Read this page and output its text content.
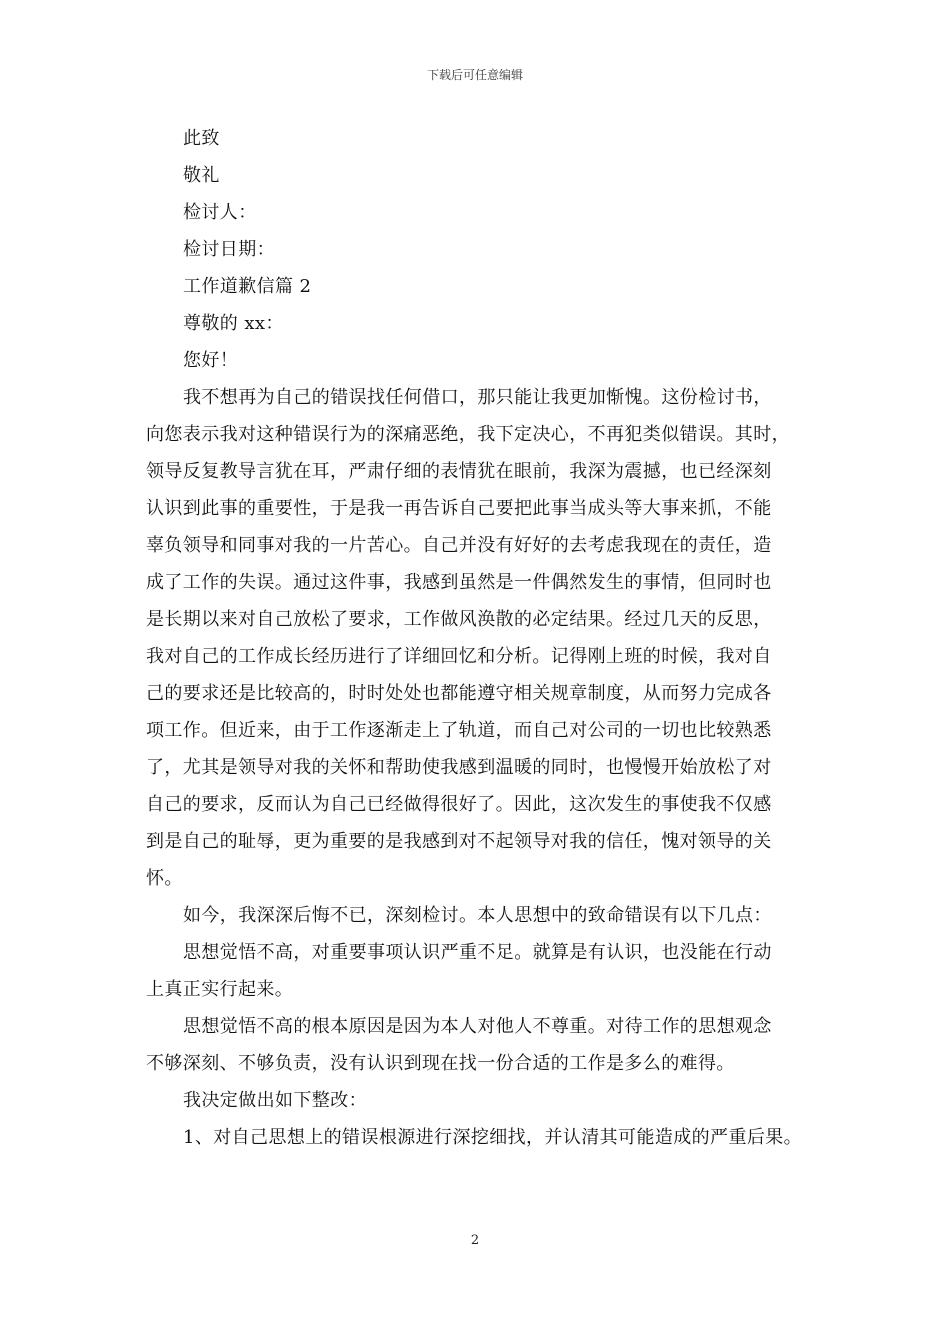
下载后可任意编辑
此致
敬礼
检讨人：
检讨日期：
工作道歉信篇 2
尊敬的 xx：
您好！
我不想再为自己的错误找任何借口，那只能让我更加惭愧。这份检讨书，
向您表示我对这种错误行为的深痛恶绝，我下定决心，不再犯类似错误。其时，
领导反复教导言犹在耳，严肃仔细的表情犹在眼前，我深为震撼，也已经深刻
认识到此事的重要性，于是我一再告诉自己要把此事当成头等大事来抓，不能
辜负领导和同事对我的一片苦心。自己并没有好好的去考虑我现在的责任，造
成了工作的失误。通过这件事，我感到虽然是一件偶然发生的事情，但同时也
是长期以来对自己放松了要求，工作做风涣散的必定结果。经过几天的反思，
我对自己的工作成长经历进行了详细回忆和分析。记得刚上班的时候，我对自
己的要求还是比较高的，时时处处也都能遵守相关规章制度，从而努力完成各
项工作。但近来，由于工作逐渐走上了轨道，而自己对公司的一切也比较熟悉
了，尤其是领导对我的关怀和帮助使我感到温暖的同时，也慢慢开始放松了对
自己的要求，反而认为自己已经做得很好了。因此，这次发生的事使我不仅感
到是自己的耻辱，更为重要的是我感到对不起领导对我的信任，愧对领导的关
怀。
如今，我深深后悔不已，深刻检讨。本人思想中的致命错误有以下几点：
思想觉悟不高，对重要事项认识严重不足。就算是有认识，也没能在行动
上真正实行起来。
思想觉悟不高的根本原因是因为本人对他人不尊重。对待工作的思想观念
不够深刻、不够负责，没有认识到现在找一份合适的工作是多么的难得。
我决定做出如下整改：
1、对自己思想上的错误根源进行深挖细找，并认清其可能造成的严重后果。
2
